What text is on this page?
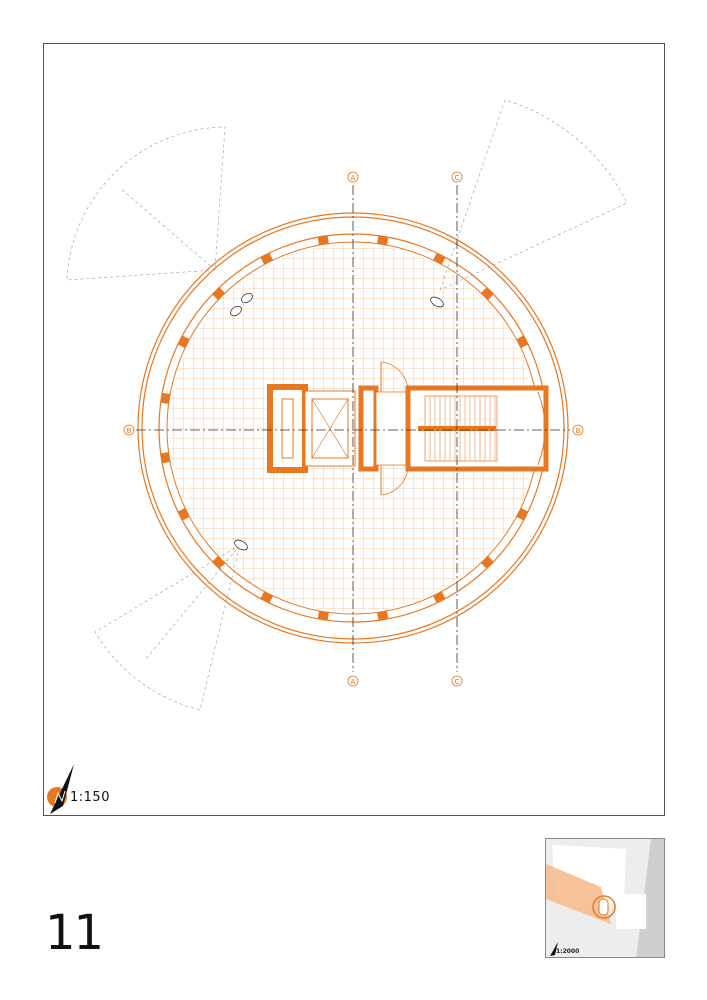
A	C
A	C
B	B
1:150
11	1:2000
